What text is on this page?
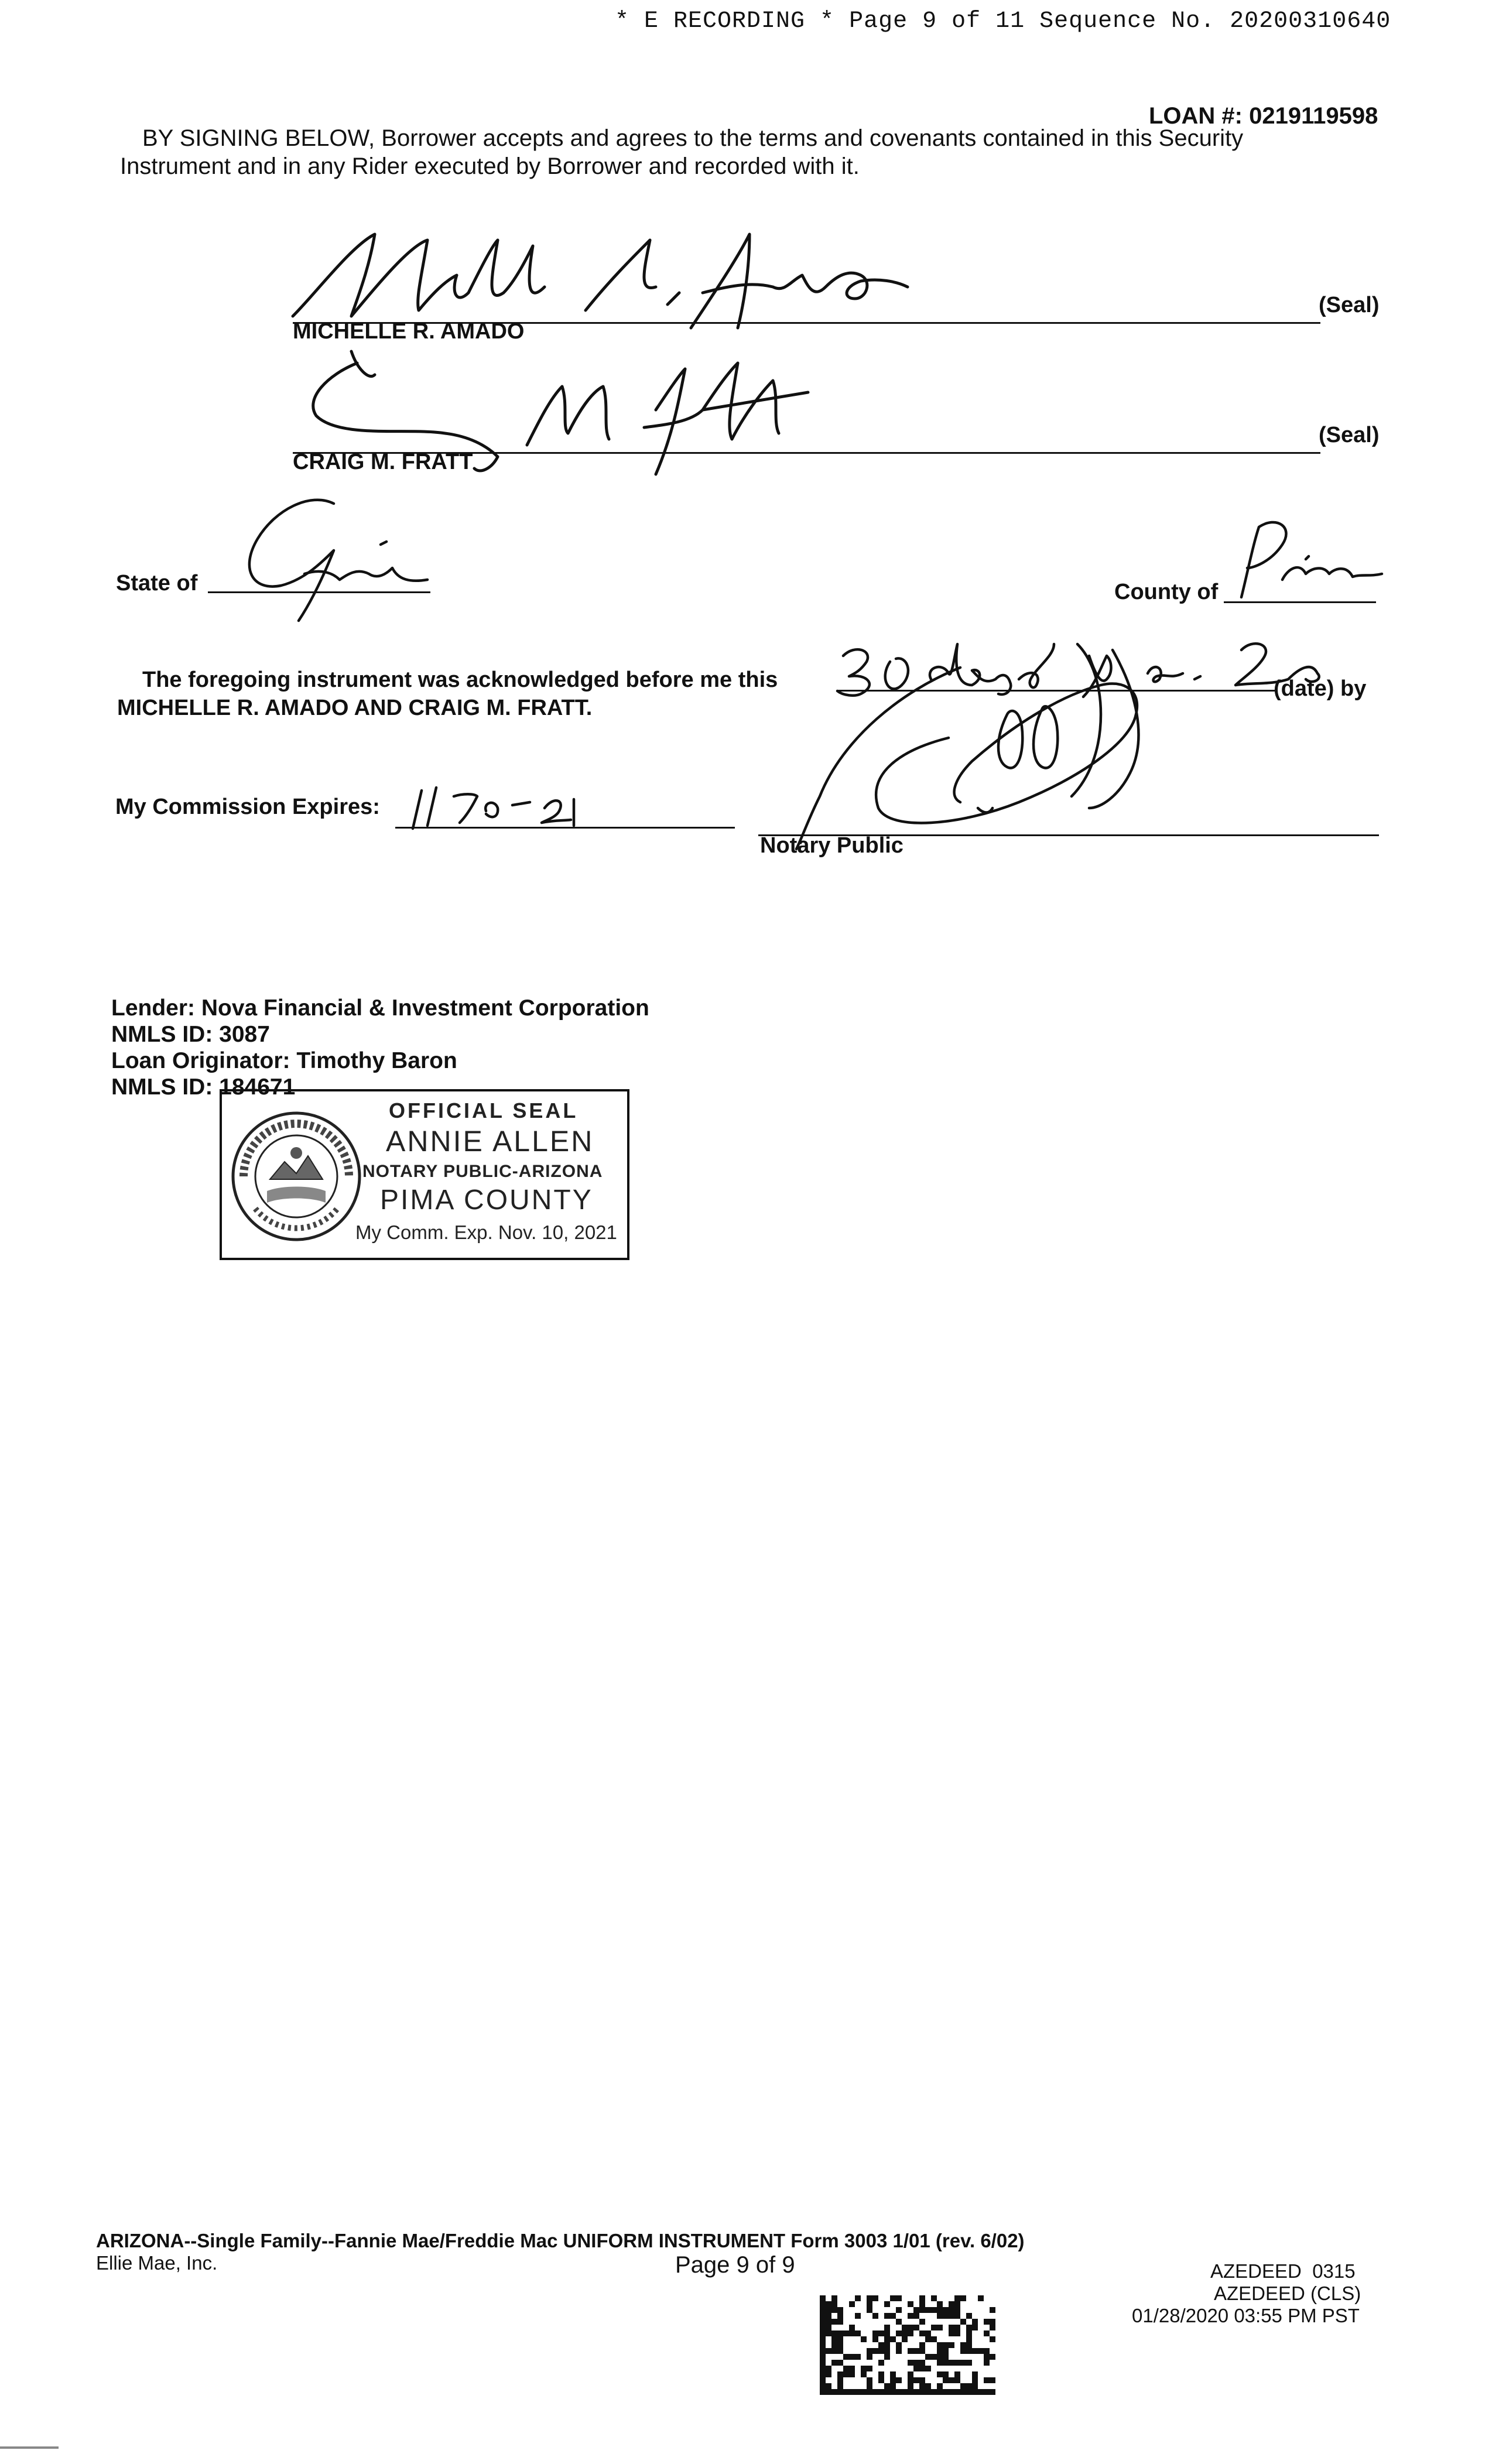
* E RECORDING * Page 9 of 11 Sequence No. 20200310640
LOAN #: 0219119598
BY SIGNING BELOW, Borrower accepts and agrees to the terms and covenants contained in this Security
Instrument and in any Rider executed by Borrower and recorded with it.
MICHELLE R. AMADO
(Seal)
CRAIG M. FRATT
(Seal)
State of	County of
The foregoing instrument was acknowledged before me this	(date) by
MICHELLE R. AMADO AND CRAIG M. FRATT.
My Commission Expires:
Notary Public
Lender: Nova Financial & Investment Corporation
NMLS ID: 3087
Loan Originator: Timothy Baron
NMLS ID: 184671
OFFICIAL SEAL
ANNIE ALLEN
NOTARY PUBLIC-ARIZONA
PIMA COUNTY
My Comm. Exp. Nov. 10, 2021
ARIZONA--Single Family--Fannie Mae/Freddie Mac UNIFORM INSTRUMENT Form 3003 1/01 (rev. 6/02)
Ellie Mae, Inc.	Page 9 of 9	AZEDEED  0315
AZEDEED (CLS)
01/28/2020 03:55 PM PST
